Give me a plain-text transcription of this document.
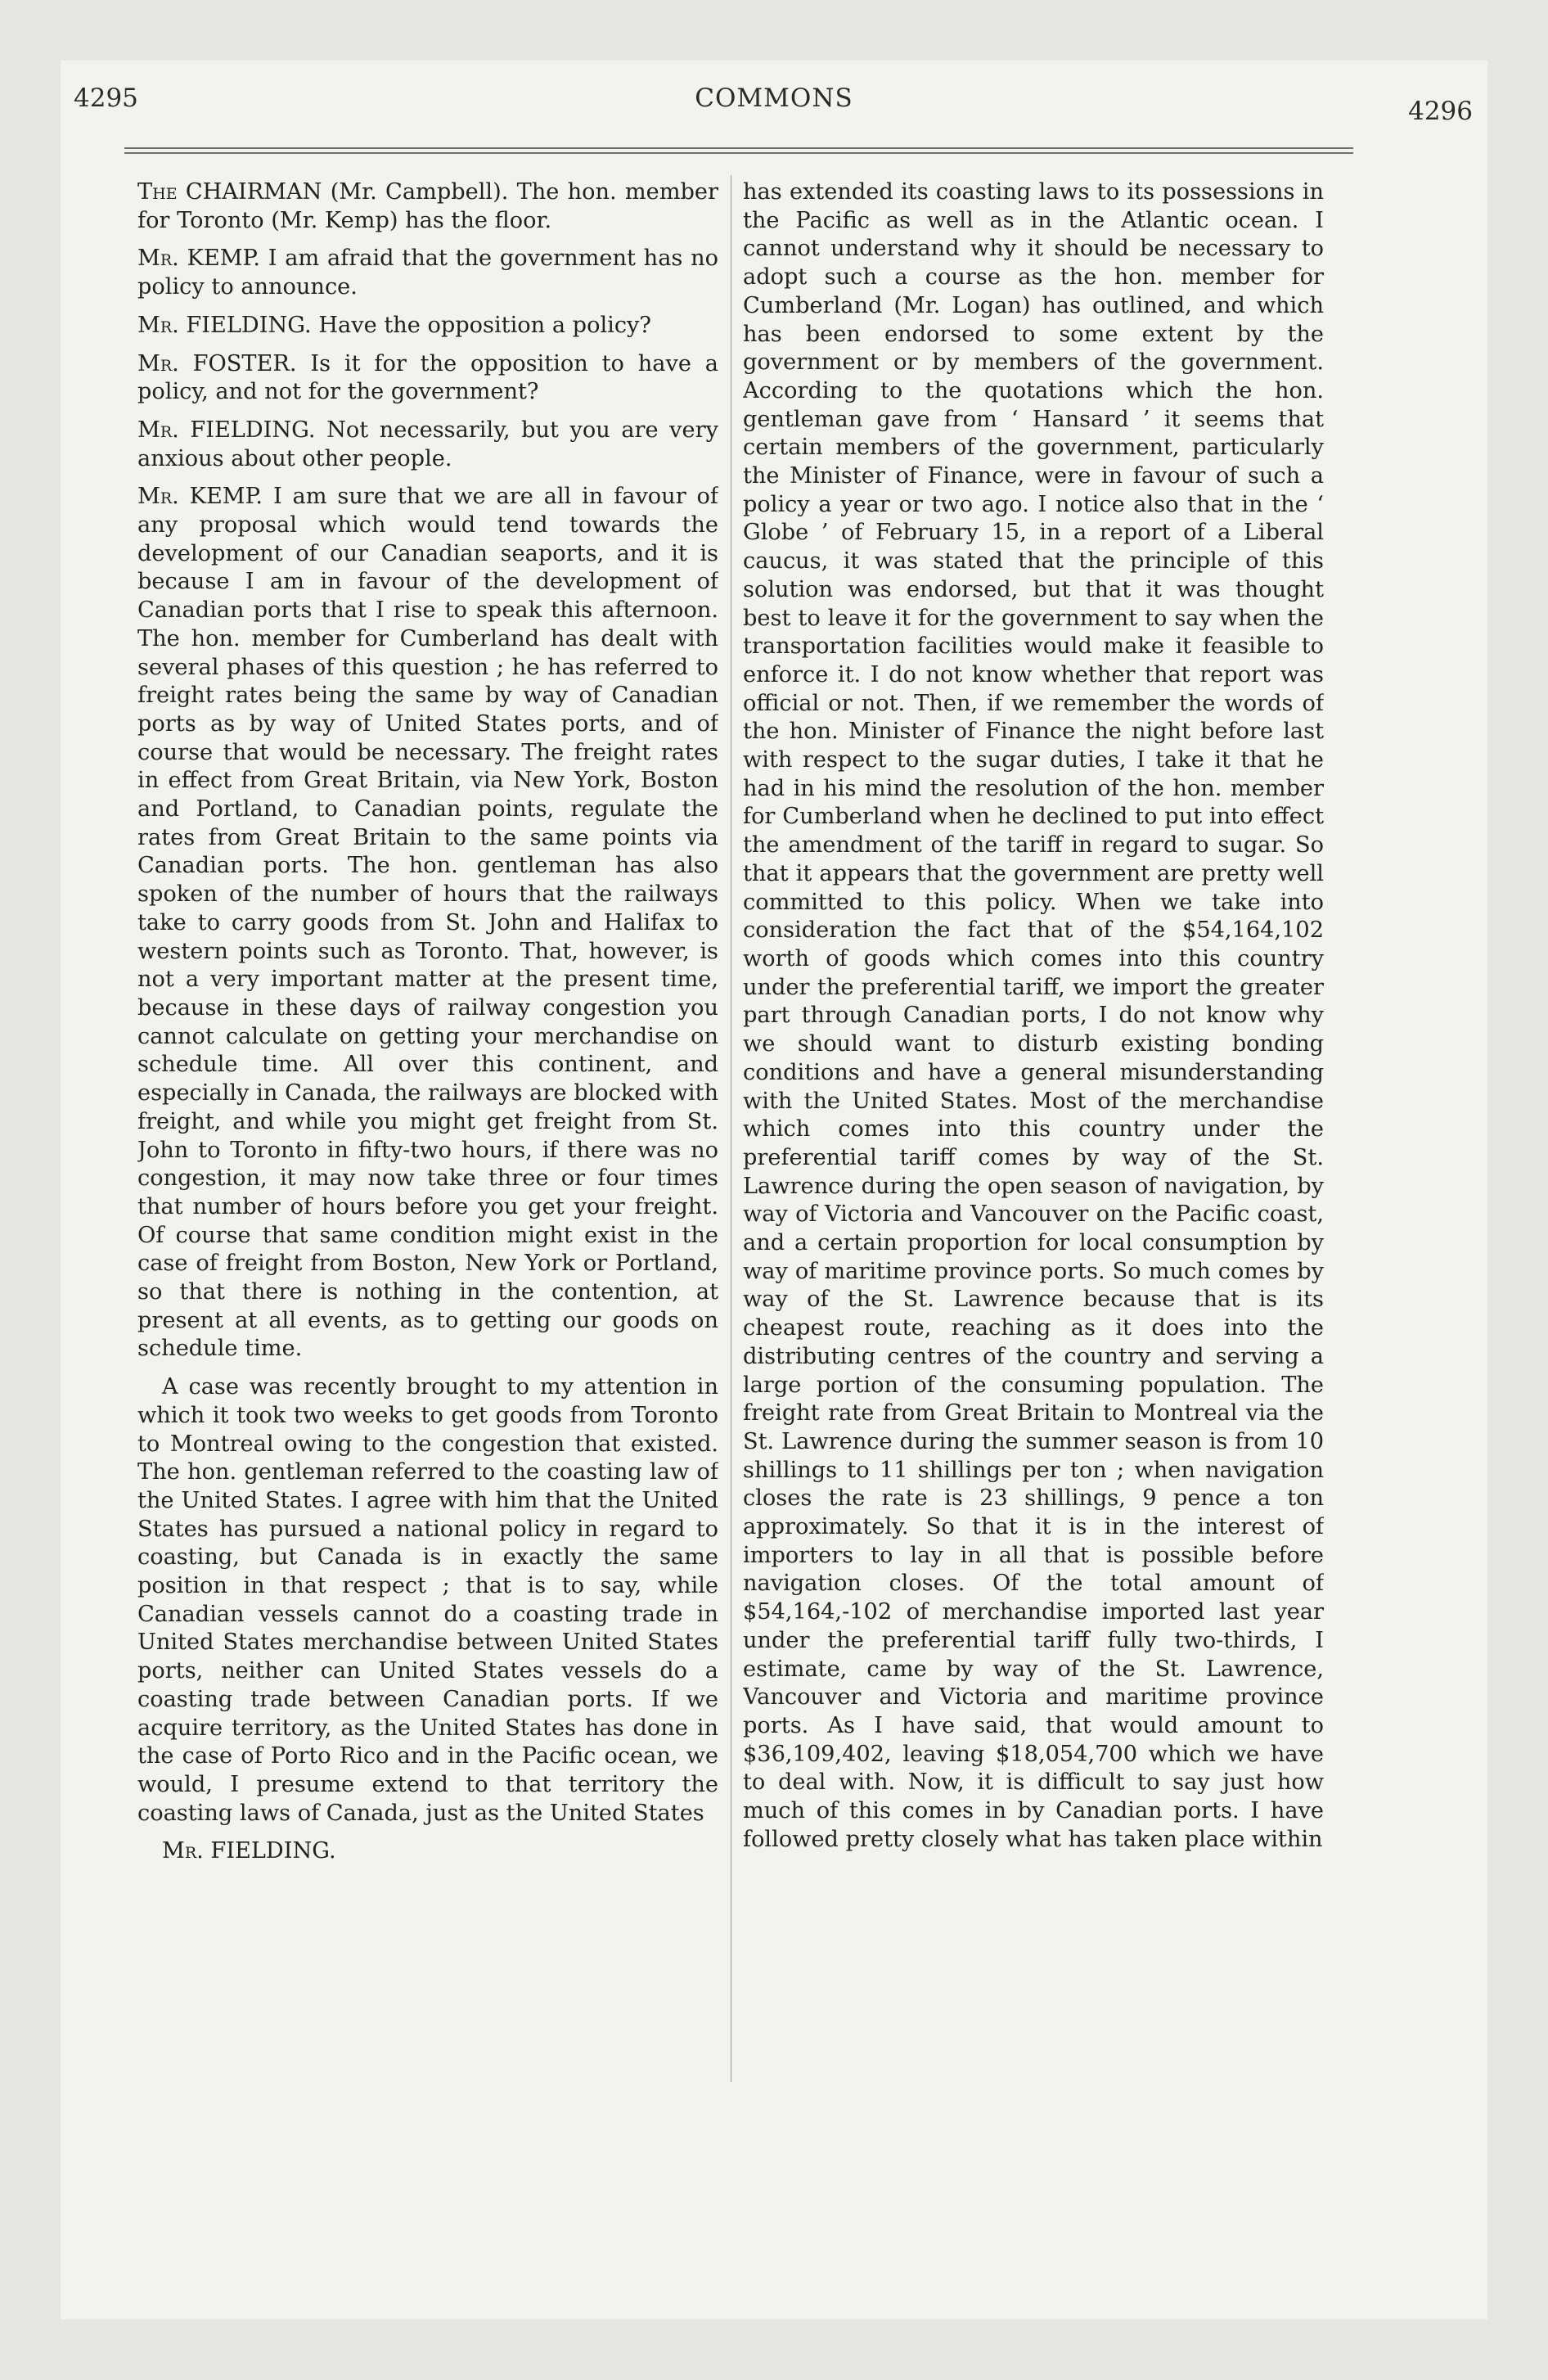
4295	COMMONS	4296

The CHAIRMAN (Mr. Campbell). The hon. member for Toronto (Mr. Kemp) has the floor.

Mr. KEMP. I am afraid that the government has no policy to announce.

Mr. FIELDING. Have the opposition a policy?

Mr. FOSTER. Is it for the opposition to have a policy, and not for the government?

Mr. FIELDING. Not necessarily, but you are very anxious about other people.

Mr. KEMP. I am sure that we are all in favour of any proposal which would tend towards the development of our Canadian seaports, and it is because I am in favour of the development of Canadian ports that I rise to speak this afternoon. The hon. member for Cumberland has dealt with several phases of this question ; he has referred to freight rates being the same by way of Canadian ports as by way of United States ports, and of course that would be necessary. The freight rates in effect from Great Britain, via New York, Boston and Portland, to Canadian points, regulate the rates from Great Britain to the same points via Canadian ports. The hon. gentleman has also spoken of the number of hours that the railways take to carry goods from St. John and Halifax to western points such as Toronto. That, however, is not a very important matter at the present time, because in these days of railway congestion you cannot calculate on getting your merchandise on schedule time. All over this continent, and especially in Canada, the railways are blocked with freight, and while you might get freight from St. John to Toronto in fifty-two hours, if there was no congestion, it may now take three or four times that number of hours before you get your freight. Of course that same condition might exist in the case of freight from Boston, New York or Portland, so that there is nothing in the contention, at present at all events, as to getting our goods on schedule time.

A case was recently brought to my attention in which it took two weeks to get goods from Toronto to Montreal owing to the congestion that existed. The hon. gentleman referred to the coasting law of the United States. I agree with him that the United States has pursued a national policy in regard to coasting, but Canada is in exactly the same position in that respect ; that is to say, while Canadian vessels cannot do a coasting trade in United States merchandise between United States ports, neither can United States vessels do a coasting trade between Canadian ports. If we acquire territory, as the United States has done in the case of Porto Rico and in the Pacific ocean, we would, I presume extend to that territory the coasting laws of Canada, just as the United States

Mr. FIELDING.

has extended its coasting laws to its possessions in the Pacific as well as in the Atlantic ocean. I cannot understand why it should be necessary to adopt such a course as the hon. member for Cumberland (Mr. Logan) has outlined, and which has been endorsed to some extent by the government or by members of the government. According to the quotations which the hon. gentleman gave from ‘ Hansard ’ it seems that certain members of the government, particularly the Minister of Finance, were in favour of such a policy a year or two ago. I notice also that in the ‘ Globe ’ of February 15, in a report of a Liberal caucus, it was stated that the principle of this solution was endorsed, but that it was thought best to leave it for the government to say when the transportation facilities would make it feasible to enforce it. I do not know whether that report was official or not. Then, if we remember the words of the hon. Minister of Finance the night before last with respect to the sugar duties, I take it that he had in his mind the resolution of the hon. member for Cumberland when he declined to put into effect the amendment of the tariff in regard to sugar. So that it appears that the government are pretty well committed to this policy. When we take into consideration the fact that of the $54,164,102 worth of goods which comes into this country under the preferential tariff, we import the greater part through Canadian ports, I do not know why we should want to disturb existing bonding conditions and have a general misunderstanding with the United States. Most of the merchandise which comes into this country under the preferential tariff comes by way of the St. Lawrence during the open season of navigation, by way of Victoria and Vancouver on the Pacific coast, and a certain proportion for local consumption by way of maritime province ports. So much comes by way of the St. Lawrence because that is its cheapest route, reaching as it does into the distributing centres of the country and serving a large portion of the consuming population. The freight rate from Great Britain to Montreal via the St. Lawrence during the summer season is from 10 shillings to 11 shillings per ton ; when navigation closes the rate is 23 shillings, 9 pence a ton approximately. So that it is in the interest of importers to lay in all that is possible before navigation closes. Of the total amount of $54,164,-102 of merchandise imported last year under the preferential tariff fully two-thirds, I estimate, came by way of the St. Lawrence, Vancouver and Victoria and maritime province ports. As I have said, that would amount to $36,109,402, leaving $18,054,700 which we have to deal with. Now, it is difficult to say just how much of this comes in by Canadian ports. I have followed pretty closely what has taken place within
